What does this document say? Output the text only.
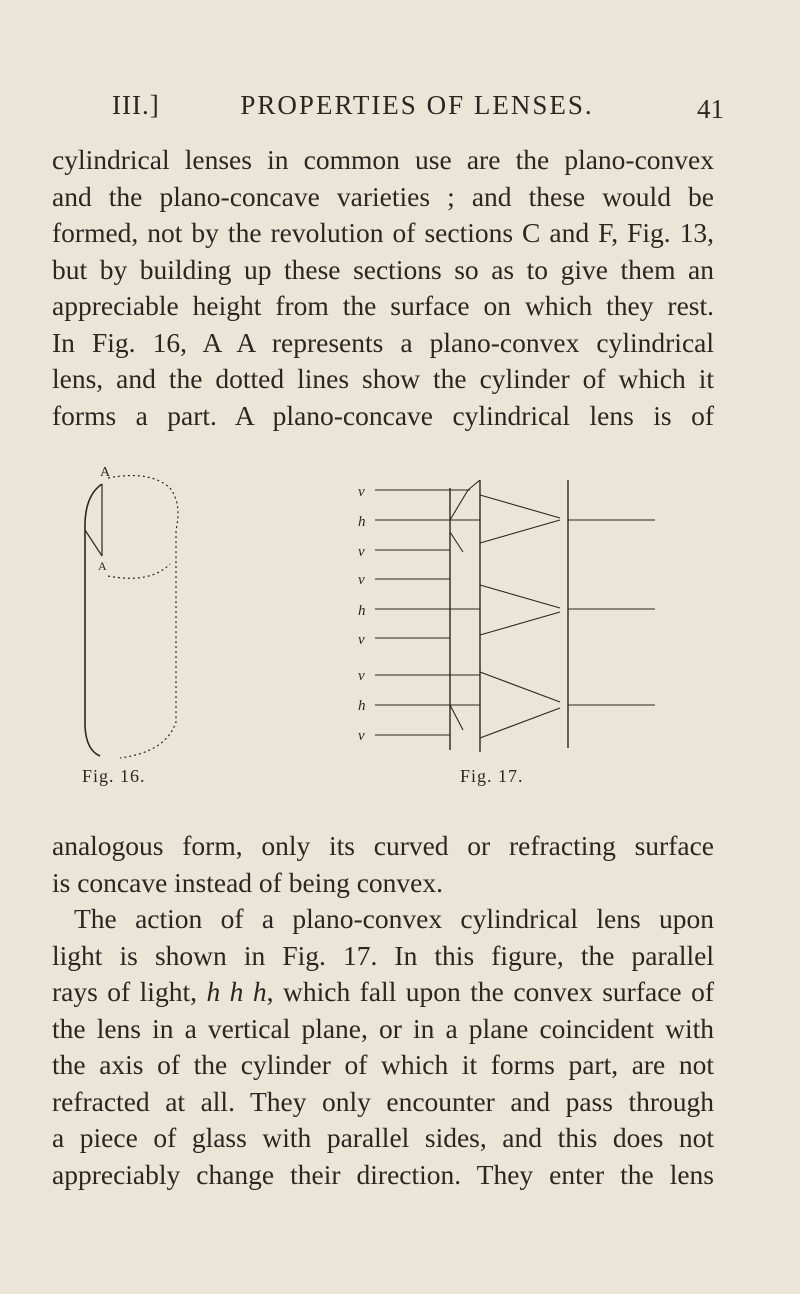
III.]	PROPERTIES OF LENSES.	41
cylindrical lenses in common use are the plano-convex
and the plano-concave varieties ; and these would be
formed, not by the revolution of sections C and F, Fig. 13,
but by building up these sections so as to give them an
appreciable height from the surface on which they rest.
In Fig. 16, A A represents a plano-convex cylindrical
lens, and the dotted lines show the cylinder of which it
forms a part. A plano-concave cylindrical lens is of
A
A
Fig. 16.
v
h
v
v
h
v
v
h
v
Fig. 17.
analogous form, only its curved or refracting surface
is concave instead of being convex.
The action of a plano-convex cylindrical lens upon
light is shown in Fig. 17. In this figure, the parallel
rays of light, h h h, which fall upon the convex surface of
the lens in a vertical plane, or in a plane coincident with
the axis of the cylinder of which it forms part, are not
refracted at all. They only encounter and pass through
a piece of glass with parallel sides, and this does not
appreciably change their direction. They enter the lens
